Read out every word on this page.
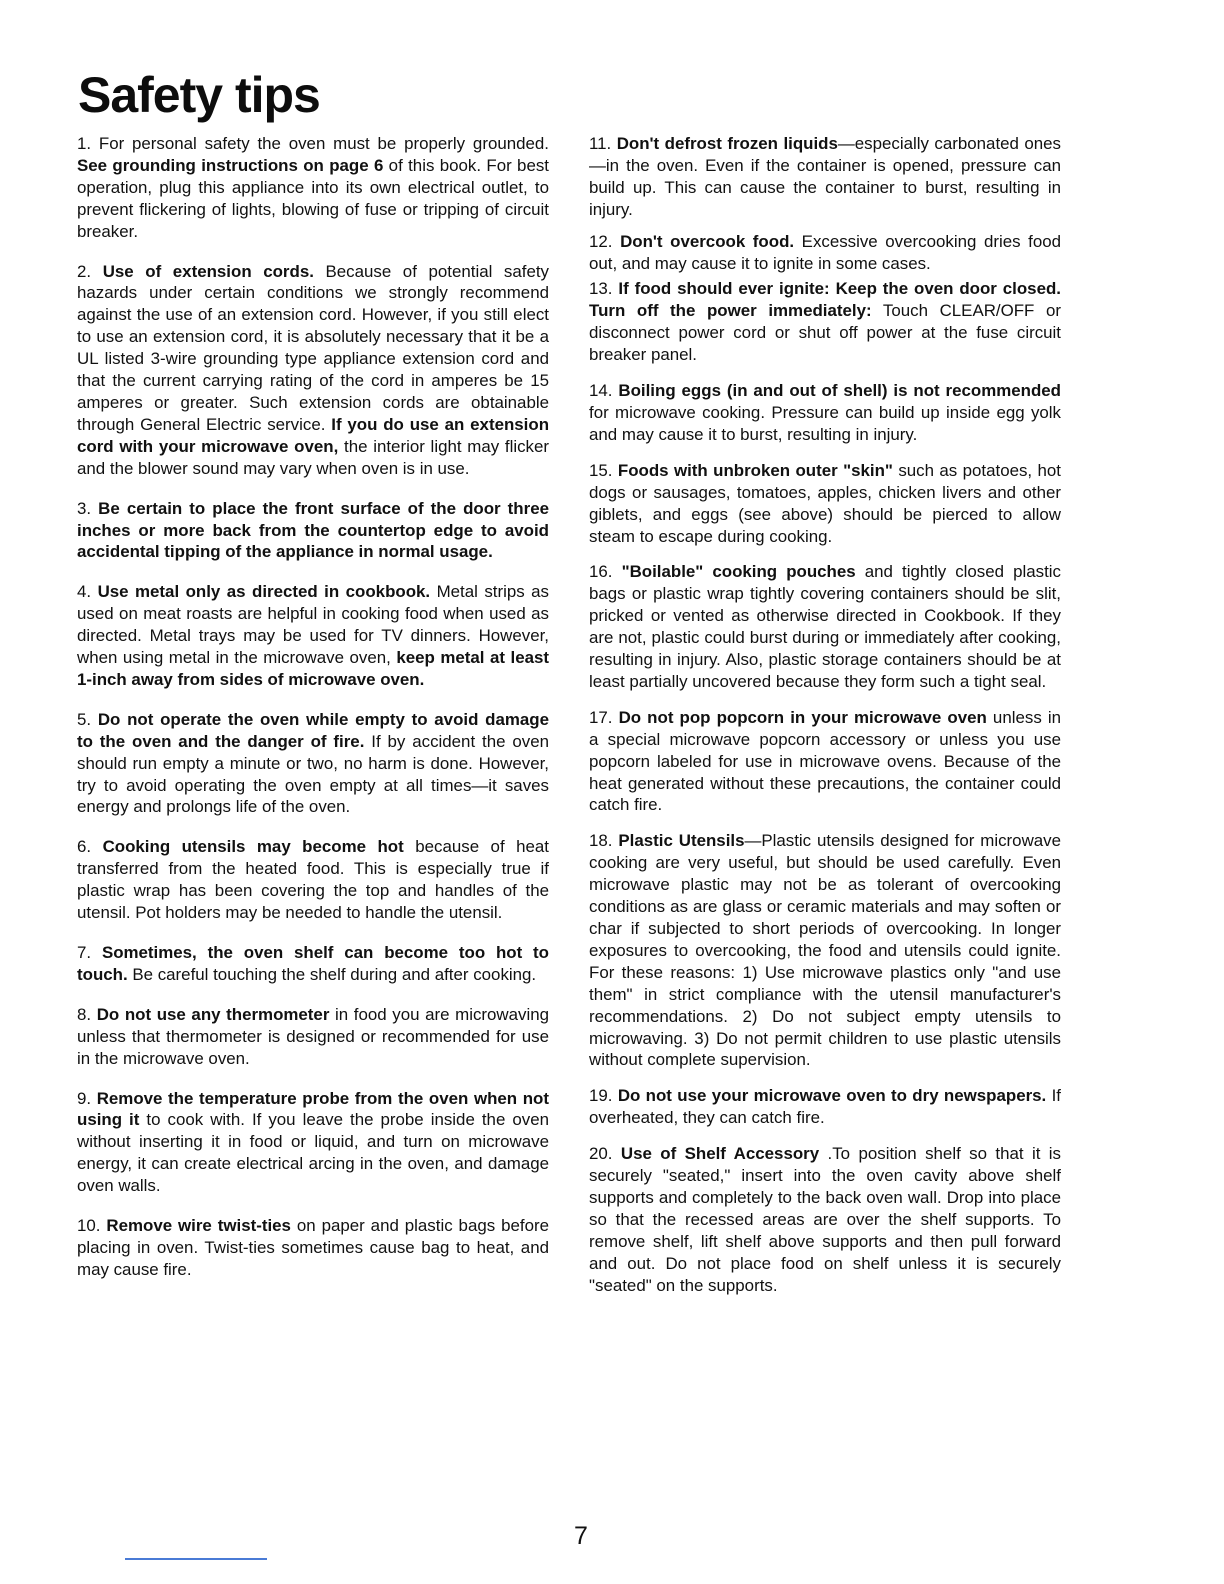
Safety tips

1. For personal safety the oven must be properly grounded. See grounding instructions on page 6 of this book. For best operation, plug this appliance into its own electrical outlet, to prevent flickering of lights, blowing of fuse or tripping of circuit breaker.

2. Use of extension cords. Because of potential safety hazards under certain conditions we strongly recommend against the use of an extension cord. However, if you still elect to use an extension cord, it is absolutely necessary that it be a UL listed 3-wire grounding type appliance extension cord and that the current carrying rating of the cord in amperes be 15 amperes or greater. Such extension cords are obtainable through General Electric service. If you do use an extension cord with your microwave oven, the interior light may flicker and the blower sound may vary when oven is in use.

3. Be certain to place the front surface of the door three inches or more back from the countertop edge to avoid accidental tipping of the appliance in normal usage.

4. Use metal only as directed in cookbook. Metal strips as used on meat roasts are helpful in cooking food when used as directed. Metal trays may be used for TV dinners. However, when using metal in the microwave oven, keep metal at least 1-inch away from sides of microwave oven.

5. Do not operate the oven while empty to avoid damage to the oven and the danger of fire. If by accident the oven should run empty a minute or two, no harm is done. However, try to avoid operating the oven empty at all times—it saves energy and prolongs life of the oven.

6. Cooking utensils may become hot because of heat transferred from the heated food. This is especially true if plastic wrap has been covering the top and handles of the utensil. Pot holders may be needed to handle the utensil.

7. Sometimes, the oven shelf can become too hot to touch. Be careful touching the shelf during and after cooking.

8. Do not use any thermometer in food you are microwaving unless that thermometer is designed or recommended for use in the microwave oven.

9. Remove the temperature probe from the oven when not using it to cook with. If you leave the probe inside the oven without inserting it in food or liquid, and turn on microwave energy, it can create electrical arcing in the oven, and damage oven walls.

10. Remove wire twist-ties on paper and plastic bags before placing in oven. Twist-ties sometimes cause bag to heat, and may cause fire.

11. Don't defrost frozen liquids—especially carbonated ones—in the oven. Even if the container is opened, pressure can build up. This can cause the container to burst, resulting in injury.

12. Don't overcook food. Excessive overcooking dries food out, and may cause it to ignite in some cases.

13. If food should ever ignite: Keep the oven door closed. Turn off the power immediately: Touch CLEAR/OFF or disconnect power cord or shut off power at the fuse circuit breaker panel.

14. Boiling eggs (in and out of shell) is not recommended for microwave cooking. Pressure can build up inside egg yolk and may cause it to burst, resulting in injury.

15. Foods with unbroken outer "skin" such as potatoes, hot dogs or sausages, tomatoes, apples, chicken livers and other giblets, and eggs (see above) should be pierced to allow steam to escape during cooking.

16. "Boilable" cooking pouches and tightly closed plastic bags or plastic wrap tightly covering containers should be slit, pricked or vented as otherwise directed in Cookbook. If they are not, plastic could burst during or immediately after cooking, resulting in injury. Also, plastic storage containers should be at least partially uncovered because they form such a tight seal.

17. Do not pop popcorn in your microwave oven unless in a special microwave popcorn accessory or unless you use popcorn labeled for use in microwave ovens. Because of the heat generated without these precautions, the container could catch fire.

18. Plastic Utensils—Plastic utensils designed for microwave cooking are very useful, but should be used carefully. Even microwave plastic may not be as tolerant of overcooking conditions as are glass or ceramic materials and may soften or char if subjected to short periods of overcooking. In longer exposures to overcooking, the food and utensils could ignite. For these reasons: 1) Use microwave plastics only "and use them" in strict compliance with the utensil manufacturer's recommendations. 2) Do not subject empty utensils to microwaving. 3) Do not permit children to use plastic utensils without complete supervision.

19. Do not use your microwave oven to dry newspapers. If overheated, they can catch fire.

20. Use of Shelf Accessory .To position shelf so that it is securely "seated," insert into the oven cavity above shelf supports and completely to the back oven wall. Drop into place so that the recessed areas are over the shelf supports. To remove shelf, lift shelf above supports and then pull forward and out. Do not place food on shelf unless it is securely "seated" on the supports.

7
